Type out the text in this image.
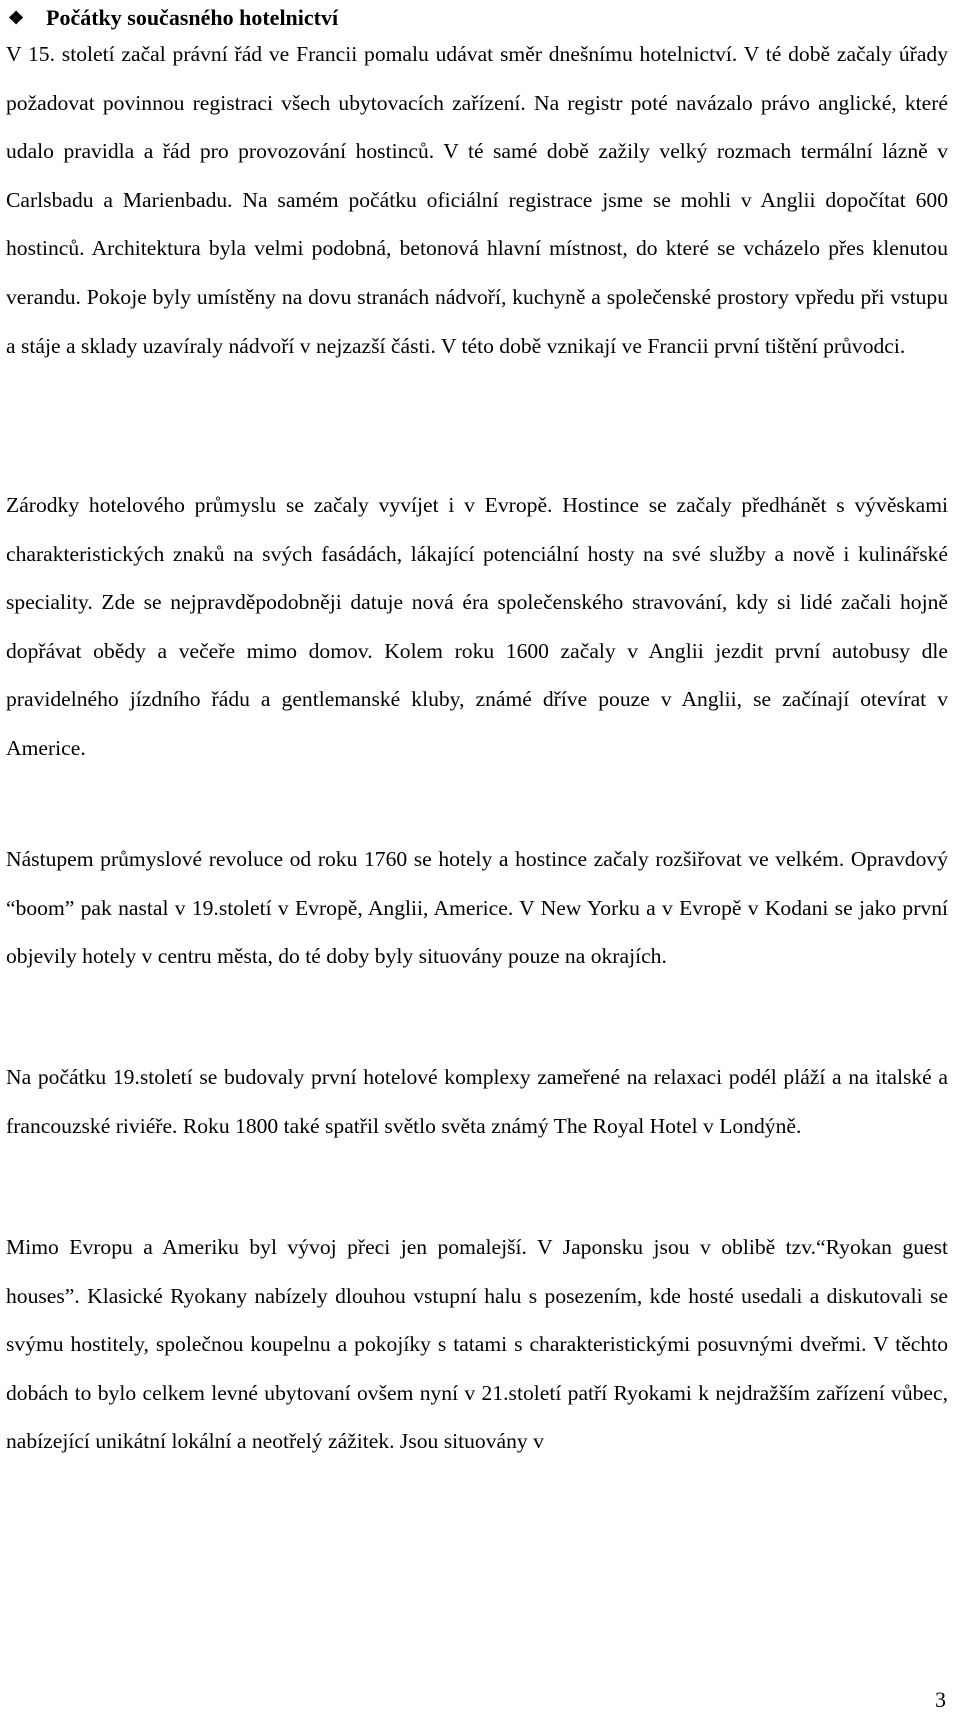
❖ Počátky současného hotelnictví

V 15. století začal právní řád ve Francii pomalu udávat směr dnešnímu hotelnictví. V té době začaly úřady požadovat povinnou registraci všech ubytovacích zařízení. Na registr poté navázalo právo anglické, které udalo pravidla a řád pro provozování hostinců. V té samé době zažily velký rozmach termální lázně v Carlsbadu a Marienbadu. Na samém počátku oficiální registrace jsme se mohli v Anglii dopočítat 600 hostinců. Architektura byla velmi podobná, betonová hlavní místnost, do které se vcházelo přes klenutou verandu. Pokoje byly umístěny na dovu stranách nádvoří, kuchyně a společenské prostory vpředu při vstupu a stáje a sklady uzavíraly nádvoří v nejzazší části. V této době vznikají ve Francii první tištění průvodci.

Zárodky hotelového průmyslu se začaly vyvíjet i v Evropě. Hostince se začaly předhánět s vývěskami charakteristických znaků na svých fasádách, lákající potenciální hosty na své služby a nově i kulinářské speciality. Zde se nejpravděpodobněji datuje nová éra společenského stravování, kdy si lidé začali hojně dopřávat obědy a večeře mimo domov. Kolem roku 1600 začaly v Anglii jezdit první autobusy dle pravidelného jízdního řádu a gentlemanské kluby, známé dříve pouze v Anglii, se začínají otevírat v Americe.

Nástupem průmyslové revoluce od roku 1760 se hotely a hostince začaly rozšiřovat ve velkém. Opravdový “boom” pak nastal v 19.století v Evropě, Anglii, Americe. V New Yorku a v Evropě v Kodani se jako první objevily hotely v centru města, do té doby byly situovány pouze na okrajích.

Na počátku 19.století se budovaly první hotelové komplexy zameřené na relaxaci podél pláží a na italské a francouzské riviéře. Roku 1800 také spatřil světlo světa známý The Royal Hotel v Londýně.

Mimo Evropu a Ameriku byl vývoj přeci jen pomalejší. V Japonsku jsou v oblibě tzv.“Ryokan guest houses”. Klasické Ryokany nabízely dlouhou vstupní halu s posezením, kde hosté usedali a diskutovali se svýmu hostitely, společnou koupelnu a pokojíky s tatami s charakteristickými posuvnými dveřmi. V těchto dobách to bylo celkem levné ubytovaní ovšem nyní v 21.století patří Ryokami k nejdražším zařízení vůbec, nabízející unikátní lokální a neotřelý zážitek. Jsou situovány v

3
